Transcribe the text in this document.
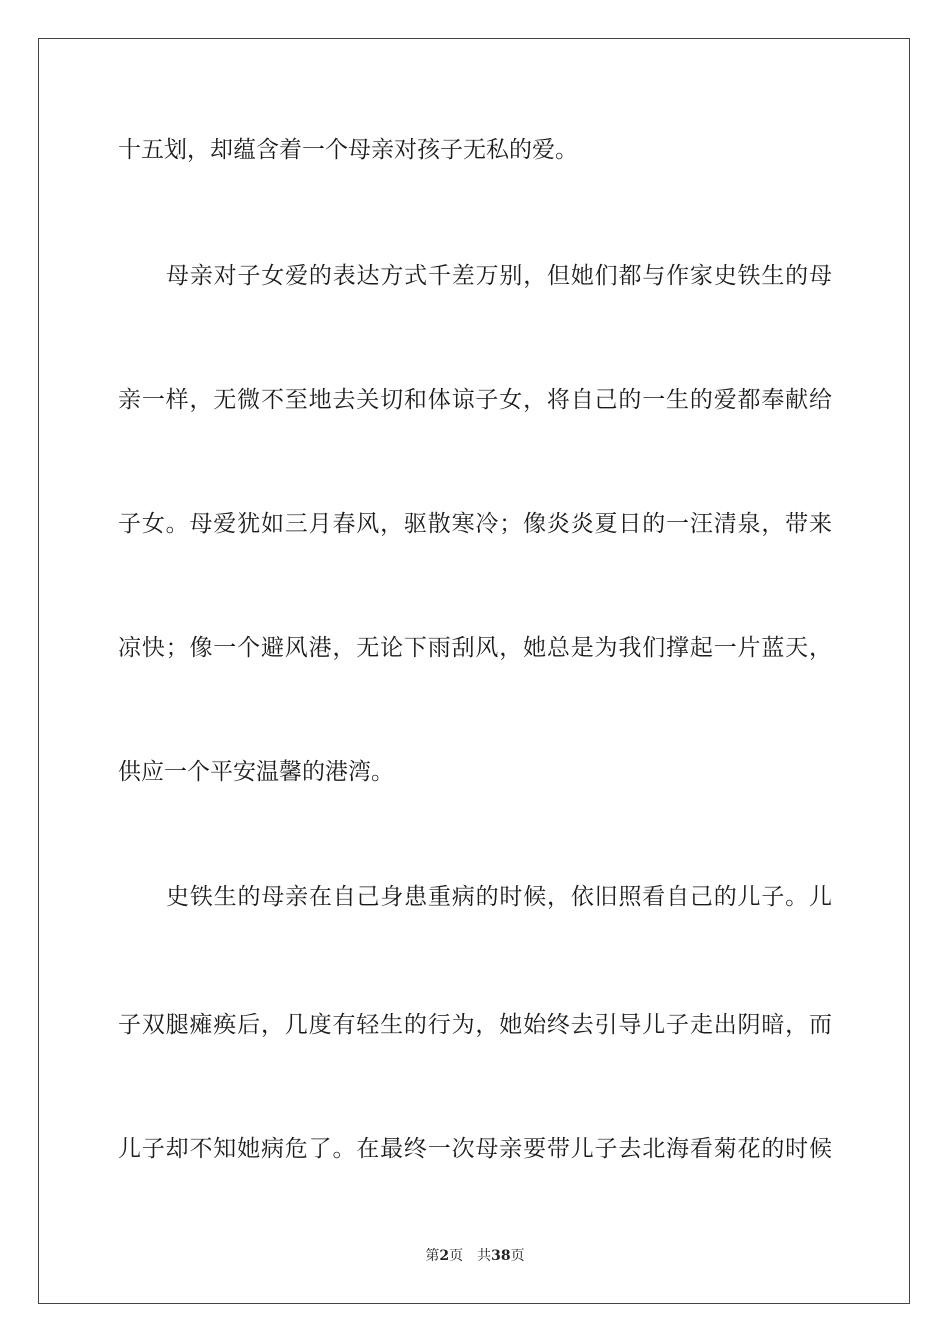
十五划，却蕴含着一个母亲对孩子无私的爱。
母亲对子女爱的表达方式千差万别，但她们都与作家史铁生的母
亲一样，无微不至地去关切和体谅子女，将自己的一生的爱都奉献给
子女。母爱犹如三月春风，驱散寒冷；像炎炎夏日的一汪清泉，带来
凉快；像一个避风港，无论下雨刮风，她总是为我们撑起一片蓝天，
供应一个平安温馨的港湾。
史铁生的母亲在自己身患重病的时候，依旧照看自己的儿子。儿
子双腿瘫痪后，几度有轻生的行为，她始终去引导儿子走出阴暗，而
儿子却不知她病危了。在最终一次母亲要带儿子去北海看菊花的时候
第2页 共38页
